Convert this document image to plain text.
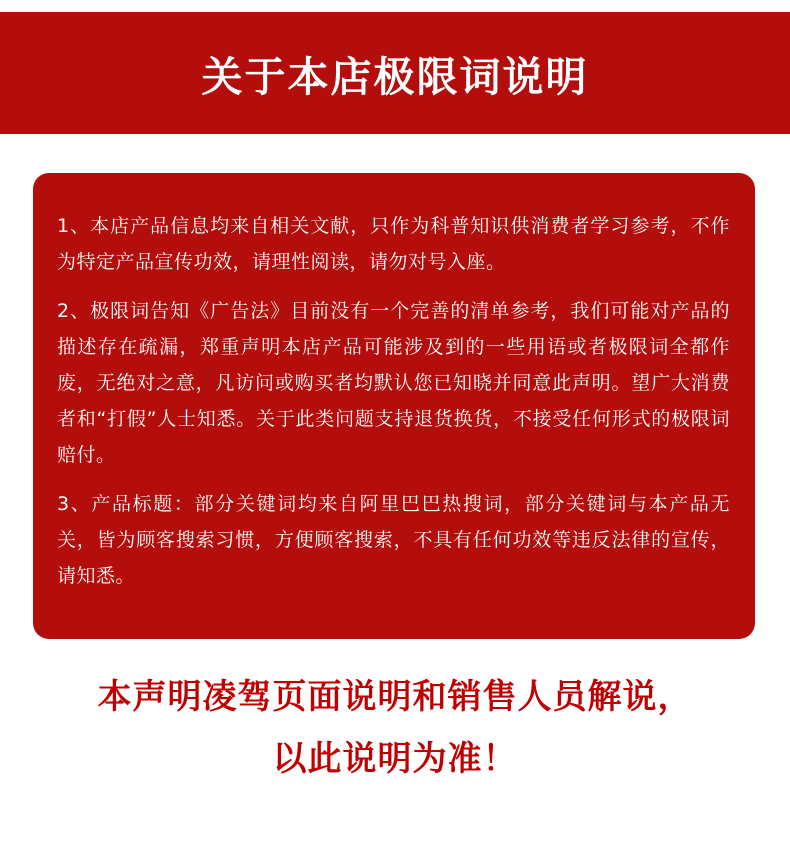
关于本店极限词说明

1、本店产品信息均来自相关文献，只作为科普知识供消费者学习参考，不作为特定产品宣传功效，请理性阅读，请勿对号入座。

2、极限词告知《广告法》目前没有一个完善的清单参考，我们可能对产品的描述存在疏漏，郑重声明本店产品可能涉及到的一些用语或者极限词全都作废，无绝对之意，凡访问或购买者均默认您已知晓并同意此声明。望广大消费者和“打假”人士知悉。关于此类问题支持退货换货，不接受任何形式的极限词赔付。

3、产品标题：部分关键词均来自阿里巴巴热搜词，部分关键词与本产品无关，皆为顾客搜索习惯，方便顾客搜索，不具有任何功效等违反法律的宣传，请知悉。

本声明凌驾页面说明和销售人员解说，
以此说明为准！
